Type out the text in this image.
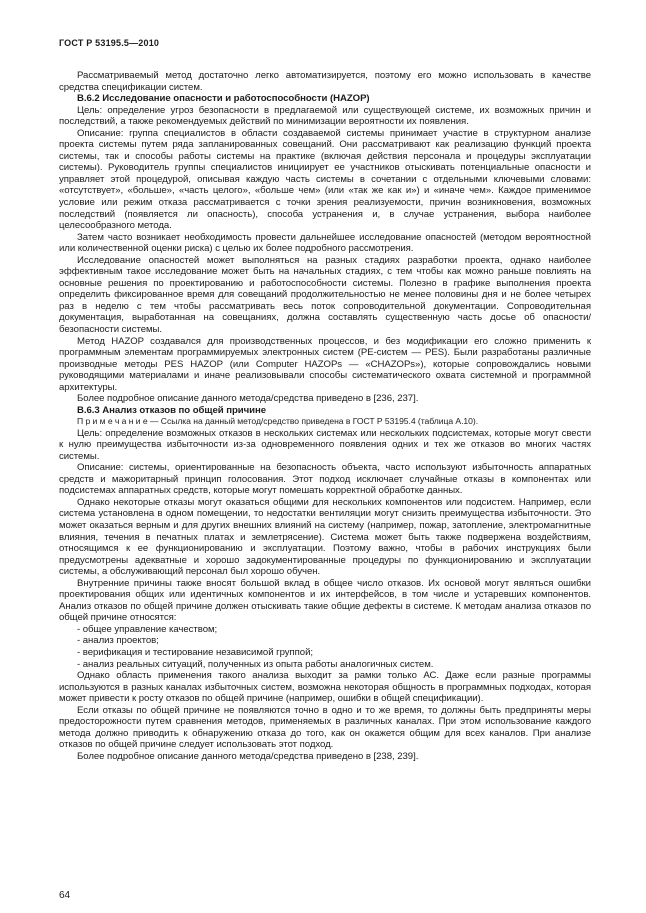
ГОСТ Р 53195.5—2010

Рассматриваемый метод достаточно легко автоматизируется, поэтому его можно использовать в качестве средства спецификации систем.

В.6.2 Исследование опасности и работоспособности (HAZOP)

Цель: определение угроз безопасности в предлагаемой или существующей системе, их возможных причин и последствий, а также рекомендуемых действий по минимизации вероятности их появления.

Описание: группа специалистов в области создаваемой системы принимает участие в структурном анализе проекта системы путем ряда запланированных совещаний. Они рассматривают как реализацию функций проекта системы, так и способы работы системы на практике (включая действия персонала и процедуры эксплуатации системы). Руководитель группы специалистов инициирует ее участников отыскивать потенциальные опасности и управляет этой процедурой, описывая каждую часть системы в сочетании с отдельными ключевыми словами: «отсутствует», «больше», «часть целого», «больше чем» (или «так же как и») и «иначе чем». Каждое применимое условие или режим отказа рассматривается с точки зрения реализуемости, причин возникновения, возможных последствий (появляется ли опасность), способа устранения и, в случае устранения, выбора наиболее целесообразного метода.

Затем часто возникает необходимость провести дальнейшее исследование опасностей (методом вероятностной или количественной оценки риска) с целью их более подробного рассмотрения.

Исследование опасностей может выполняться на разных стадиях разработки проекта, однако наиболее эффективным такое исследование может быть на начальных стадиях, с тем чтобы как можно раньше повлиять на основные решения по проектированию и работоспособности системы. Полезно в графике выполнения проекта определить фиксированное время для совещаний продолжительностью не менее половины дня и не более четырех раз в неделю с тем чтобы рассматривать весь поток сопроводительной документации. Сопроводительная документация, выработанная на совещаниях, должна составлять существенную часть досье об опасности/безопасности системы.

Метод HAZOP создавался для производственных процессов, и без модификации его сложно применить к программным элементам программируемых электронных систем (PE-систем — PES). Были разработаны различные производные методы PES HAZOP (или Computer HAZOPs — «CHAZOPs»), которые сопровождались новыми руководящими материалами и иначе реализовывали способы систематического охвата системной и программной архитектуры.

Более подробное описание данного метода/средства приведено в [236, 237].

В.6.3 Анализ отказов по общей причине

П р и м е ч а н и е — Ссылка на данный метод/средство приведена в ГОСТ Р 53195.4 (таблица А.10).

Цель: определение возможных отказов в нескольких системах или нескольких подсистемах, которые могут свести к нулю преимущества избыточности из-за одновременного появления одних и тех же отказов во многих частях системы.

Описание: системы, ориентированные на безопасность объекта, часто используют избыточность аппаратных средств и мажоритарный принцип голосования. Этот подход исключает случайные отказы в компонентах или подсистемах аппаратных средств, которые могут помешать корректной обработке данных.

Однако некоторые отказы могут оказаться общими для нескольких компонентов или подсистем. Например, если система установлена в одном помещении, то недостатки вентиляции могут снизить преимущества избыточности. Это может оказаться верным и для других внешних влияний на систему (например, пожар, затопление, электромагнитные влияния, течения в печатных платах и землетрясение). Система может быть также подвержена воздействиям, относящимся к ее функционированию и эксплуатации. Поэтому важно, чтобы в рабочих инструкциях были предусмотрены адекватные и хорошо задокументированные процедуры по функционированию и эксплуатации системы, а обслуживающий персонал был хорошо обучен.

Внутренние причины также вносят большой вклад в общее число отказов. Их основой могут являться ошибки проектирования общих или идентичных компонентов и их интерфейсов, в том числе и устаревших компонентов. Анализ отказов по общей причине должен отыскивать такие общие дефекты в системе. К методам анализа отказов по общей причине относятся:

- общее управление качеством;

- анализ проектов;

- верификация и тестирование независимой группой;

- анализ реальных ситуаций, полученных из опыта работы аналогичных систем.

Однако область применения такого анализа выходит за рамки только АС. Даже если разные программы используются в разных каналах избыточных систем, возможна некоторая общность в программных подходах, которая может привести к росту отказов по общей причине (например, ошибки в общей спецификации).

Если отказы по общей причине не появляются точно в одно и то же время, то должны быть предприняты меры предосторожности путем сравнения методов, применяемых в различных каналах. При этом использование каждого метода должно приводить к обнаружению отказа до того, как он окажется общим для всех каналов. При анализе отказов по общей причине следует использовать этот подход.

Более подробное описание данного метода/средства приведено в [238, 239].

64
